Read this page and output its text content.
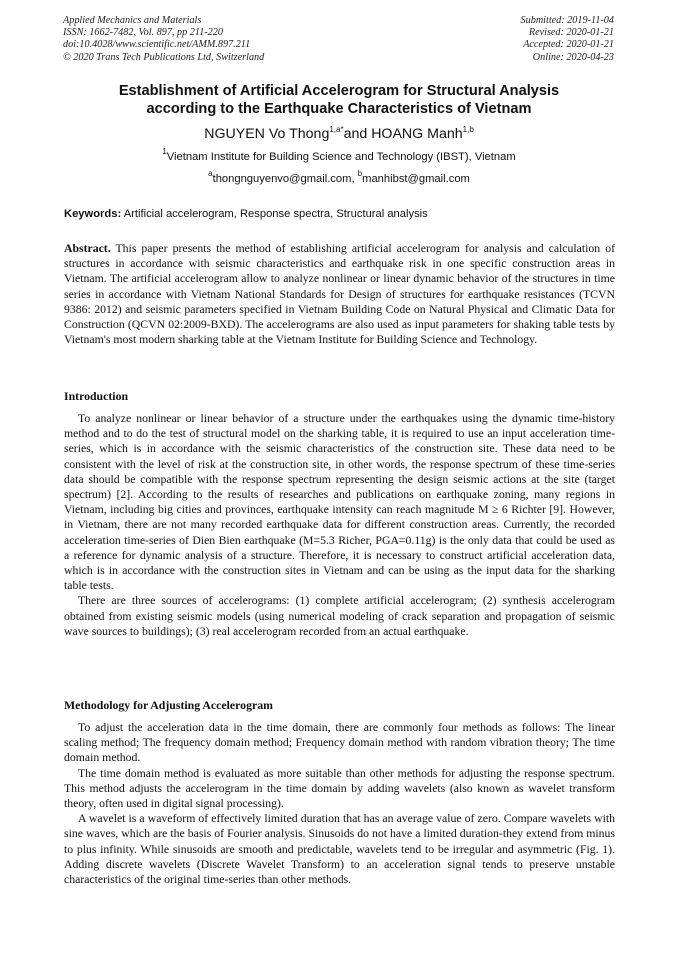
Applied Mechanics and Materials
ISSN: 1662-7482, Vol. 897, pp 211-220
doi:10.4028/www.scientific.net/AMM.897.211
© 2020 Trans Tech Publications Ltd, Switzerland
Submitted: 2019-11-04
Revised: 2020-01-21
Accepted: 2020-01-21
Online: 2020-04-23
Establishment of Artificial Accelerogram for Structural Analysis
according to the Earthquake Characteristics of Vietnam
NGUYEN Vo Thong$^{1,a*}$and HOANG Manh$^{1,b}$
$^1$Vietnam Institute for Building Science and Technology (IBST), Vietnam
$^a$thongnguyenvo@gmail.com, $^b$manhibst@gmail.com
Keywords: Artificial accelerogram, Response spectra, Structural analysis

Abstract. This paper presents the method of establishing artificial accelerogram for analysis and calculation of structures in accordance with seismic characteristics and earthquake risk in one specific construction areas in Vietnam. The artificial accelerogram allow to analyze nonlinear or linear dynamic behavior of the structures in time series in accordance with Vietnam National Standards for Design of structures for earthquake resistances (TCVN 9386: 2012) and seismic parameters specified in Vietnam Building Code on Natural Physical and Climatic Data for Construction (QCVN 02:2009-BXD). The accelerograms are also used as input parameters for shaking table tests by Vietnam's most modern sharking table at the Vietnam Institute for Building Science and Technology.

Introduction

To analyze nonlinear or linear behavior of a structure under the earthquakes using the dynamic time-history method and to do the test of structural model on the sharking table, it is required to use an input acceleration time-series, which is in accordance with the seismic characteristics of the construction site. These data need to be consistent with the level of risk at the construction site, in other words, the response spectrum of these time-series data should be compatible with the response spectrum representing the design seismic actions at the site (target spectrum) [2]. According to the results of researches and publications on earthquake zoning, many regions in Vietnam, including big cities and provinces, earthquake intensity can reach magnitude M ≥ 6 Richter [9]. However, in Vietnam, there are not many recorded earthquake data for different construction areas. Currently, the recorded acceleration time-series of Dien Bien earthquake (M=5.3 Richer, PGA=0.11g) is the only data that could be used as a reference for dynamic analysis of a structure. Therefore, it is necessary to construct artificial acceleration data, which is in accordance with the construction sites in Vietnam and can be using as the input data for the sharking table tests.

There are three sources of accelerograms: (1) complete artificial accelerogram; (2) synthesis accelerogram obtained from existing seismic models (using numerical modeling of crack separation and propagation of seismic wave sources to buildings); (3) real accelerogram recorded from an actual earthquake.

Methodology for Adjusting Accelerogram

To adjust the acceleration data in the time domain, there are commonly four methods as follows: The linear scaling method; The frequency domain method; Frequency domain method with random vibration theory; The time domain method.

The time domain method is evaluated as more suitable than other methods for adjusting the response spectrum. This method adjusts the accelerogram in the time domain by adding wavelets (also known as wavelet transform theory, often used in digital signal processing).

A wavelet is a waveform of effectively limited duration that has an average value of zero. Compare wavelets with sine waves, which are the basis of Fourier analysis. Sinusoids do not have a limited duration-they extend from minus to plus infinity. While sinusoids are smooth and predictable, wavelets tend to be irregular and asymmetric (Fig. 1). Adding discrete wavelets (Discrete Wavelet Transform) to an acceleration signal tends to preserve unstable characteristics of the original time-series than other methods.
